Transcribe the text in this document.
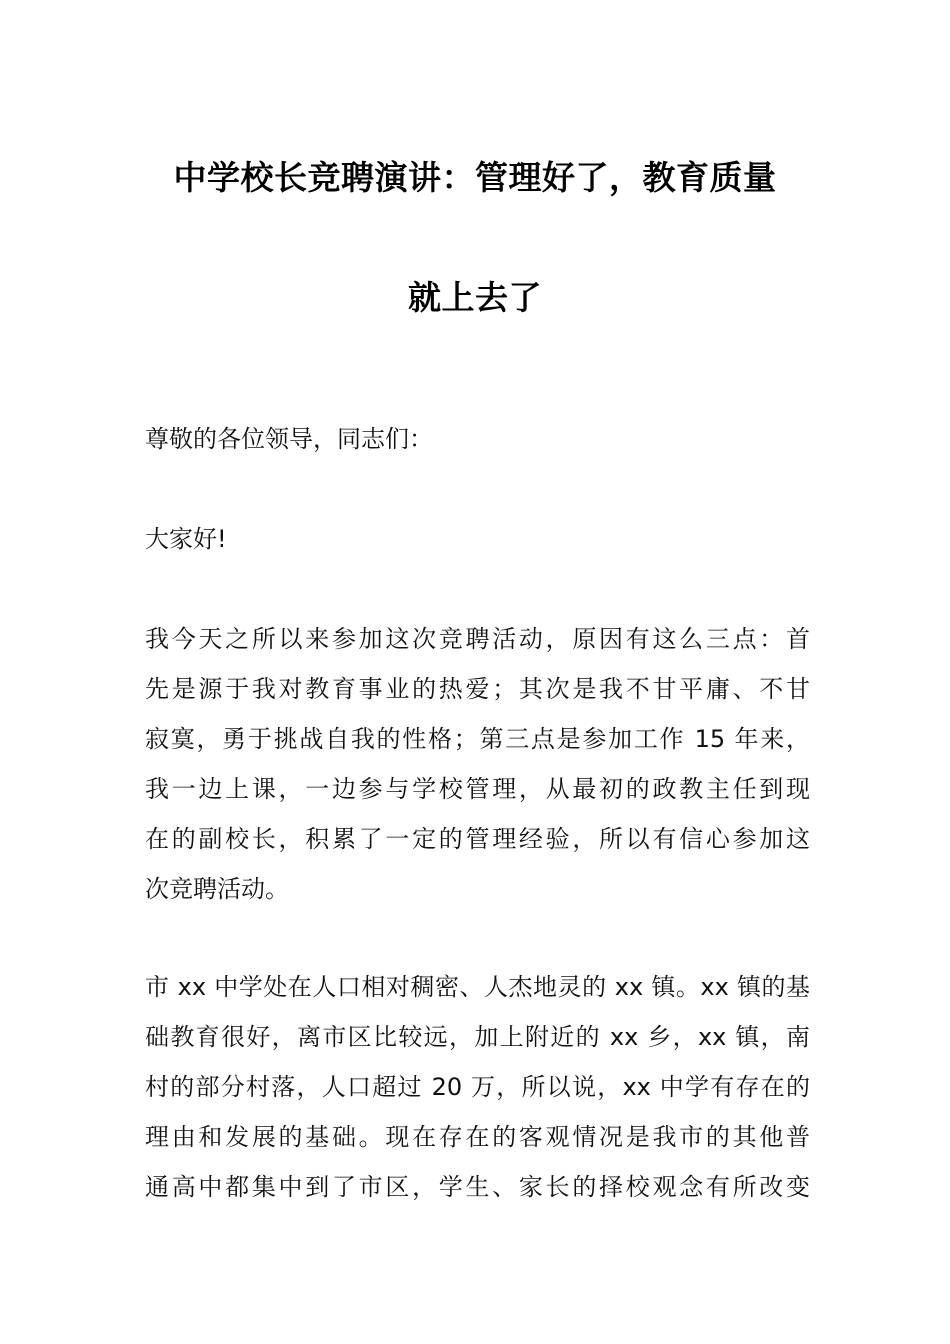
中学校长竞聘演讲：管理好了，教育质量
就上去了
尊敬的各位领导，同志们：
大家好!
我今天之所以来参加这次竞聘活动，原因有这么三点：首
先是源于我对教育事业的热爱；其次是我不甘平庸、不甘
寂寞，勇于挑战自我的性格；第三点是参加工作 15 年来，
我一边上课，一边参与学校管理，从最初的政教主任到现
在的副校长，积累了一定的管理经验，所以有信心参加这
次竞聘活动。
市 xx 中学处在人口相对稠密、人杰地灵的 xx 镇。xx 镇的基
础教育很好，离市区比较远，加上附近的 xx 乡，xx 镇，南
村的部分村落，人口超过 20 万，所以说，xx 中学有存在的
理由和发展的基础。现在存在的客观情况是我市的其他普
通高中都集中到了市区，学生、家长的择校观念有所改变
